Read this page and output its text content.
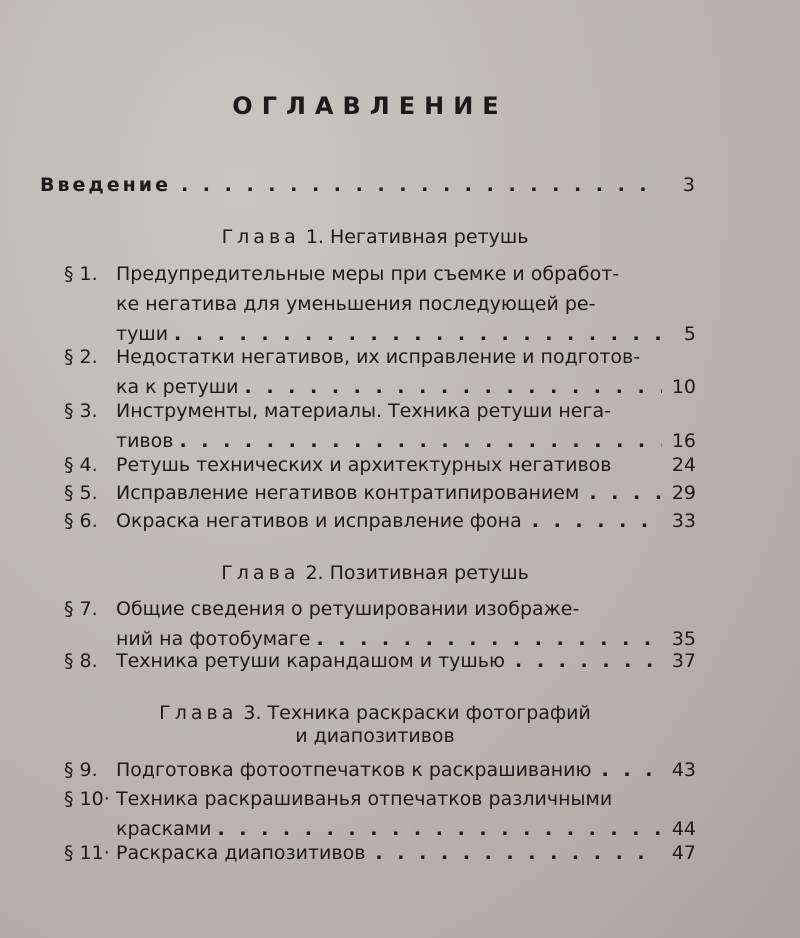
ОГЛАВЛЕНИЕ
Введение . . .	3
Глава 1. Негативная ретушь
§ 1. Предупредительные меры при съемке и обработ-
ке негатива для уменьшения последующей ре-
туши . . .	5
§ 2. Недостатки негативов, их исправление и подготов-
ка к ретуши . . .	10
§ 3. Инструменты, материалы. Техника ретуши нега-
тивов . . .	16
§ 4. Ретушь технических и архитектурных негативов	24
§ 5. Исправление негативов контратипированием . . .	29
§ 6. Окраска негативов и исправление фона . . .	33
Глава 2. Позитивная ретушь
§ 7. Общие сведения о ретушировании изображе-
ний на фотобумаге . . .	35
§ 8. Техника ретуши карандашом и тушью . . .	37
Глава 3. Техника раскраски фотографий
и диапозитивов
§ 9. Подготовка фотоотпечатков к раскрашиванию . . .	43
§ 10· Техника раскрашиванья отпечатков различными
красками . . .	44
§ 11· Раскраска диапозитивов . . .	47
